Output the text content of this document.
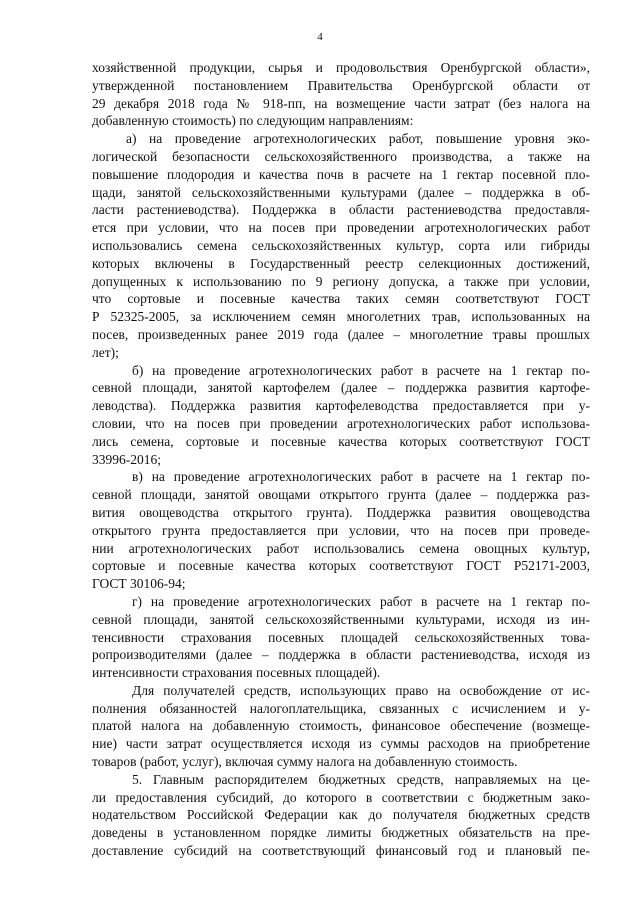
4
хозяйственной продукции, сырья и продовольствия Оренбургской области»,
утвержденной постановлением Правительства Оренбургской области от
29 декабря 2018 года № 918-пп, на возмещение части затрат (без налога на
добавленную стоимость) по следующим направлениям:
а) на проведение агротехнологических работ, повышение уровня эко-
логической безопасности сельскохозяйственного производства, а также на
повышение плодородия и качества почв в расчете на 1 гектар посевной пло-
щади, занятой сельскохозяйственными культурами (далее – поддержка в об-
ласти растениеводства). Поддержка в области растениеводства предоставля-
ется при условии, что на посев при проведении агротехнологических работ
использовались семена сельскохозяйственных культур, сорта или гибриды
которых включены в Государственный реестр селекционных достижений,
допущенных к использованию по 9 региону допуска, а также при условии,
что сортовые и посевные качества таких семян соответствуют ГОСТ
Р 52325-2005, за исключением семян многолетних трав, использованных на
посев, произведенных ранее 2019 года (далее – многолетние травы прошлых
лет);
б) на проведение агротехнологических работ в расчете на 1 гектар по-
севной площади, занятой картофелем (далее – поддержка развития картофе-
леводства). Поддержка развития картофелеводства предоставляется при у-
словии, что на посев при проведении агротехнологических работ использова-
лись семена, сортовые и посевные качества которых соответствуют ГОСТ
33996-2016;
в) на проведение агротехнологических работ в расчете на 1 гектар по-
севной площади, занятой овощами открытого грунта (далее – поддержка раз-
вития овощеводства открытого грунта). Поддержка развития овощеводства
открытого грунта предоставляется при условии, что на посев при проведе-
нии агротехнологических работ использовались семена овощных культур,
сортовые и посевные качества которых соответствуют ГОСТ Р52171-2003,
ГОСТ 30106-94;
г) на проведение агротехнологических работ в расчете на 1 гектар по-
севной площади, занятой сельскохозяйственными культурами, исходя из ин-
тенсивности страхования посевных площадей сельскохозяйственных това-
ропроизводителями (далее – поддержка в области растениеводства, исходя из
интенсивности страхования посевных площадей).
Для получателей средств, использующих право на освобождение от ис-
полнения обязанностей налогоплательщика, связанных с исчислением и у-
платой налога на добавленную стоимость, финансовое обеспечение (возмеще-
ние) части затрат осуществляется исходя из суммы расходов на приобретение
товаров (работ, услуг), включая сумму налога на добавленную стоимость.
5. Главным распорядителем бюджетных средств, направляемых на це-
ли предоставления субсидий, до которого в соответствии с бюджетным зако-
нодательством Российской Федерации как до получателя бюджетных средств
доведены в установленном порядке лимиты бюджетных обязательств на пре-
доставление субсидий на соответствующий финансовый год и плановый пе-
